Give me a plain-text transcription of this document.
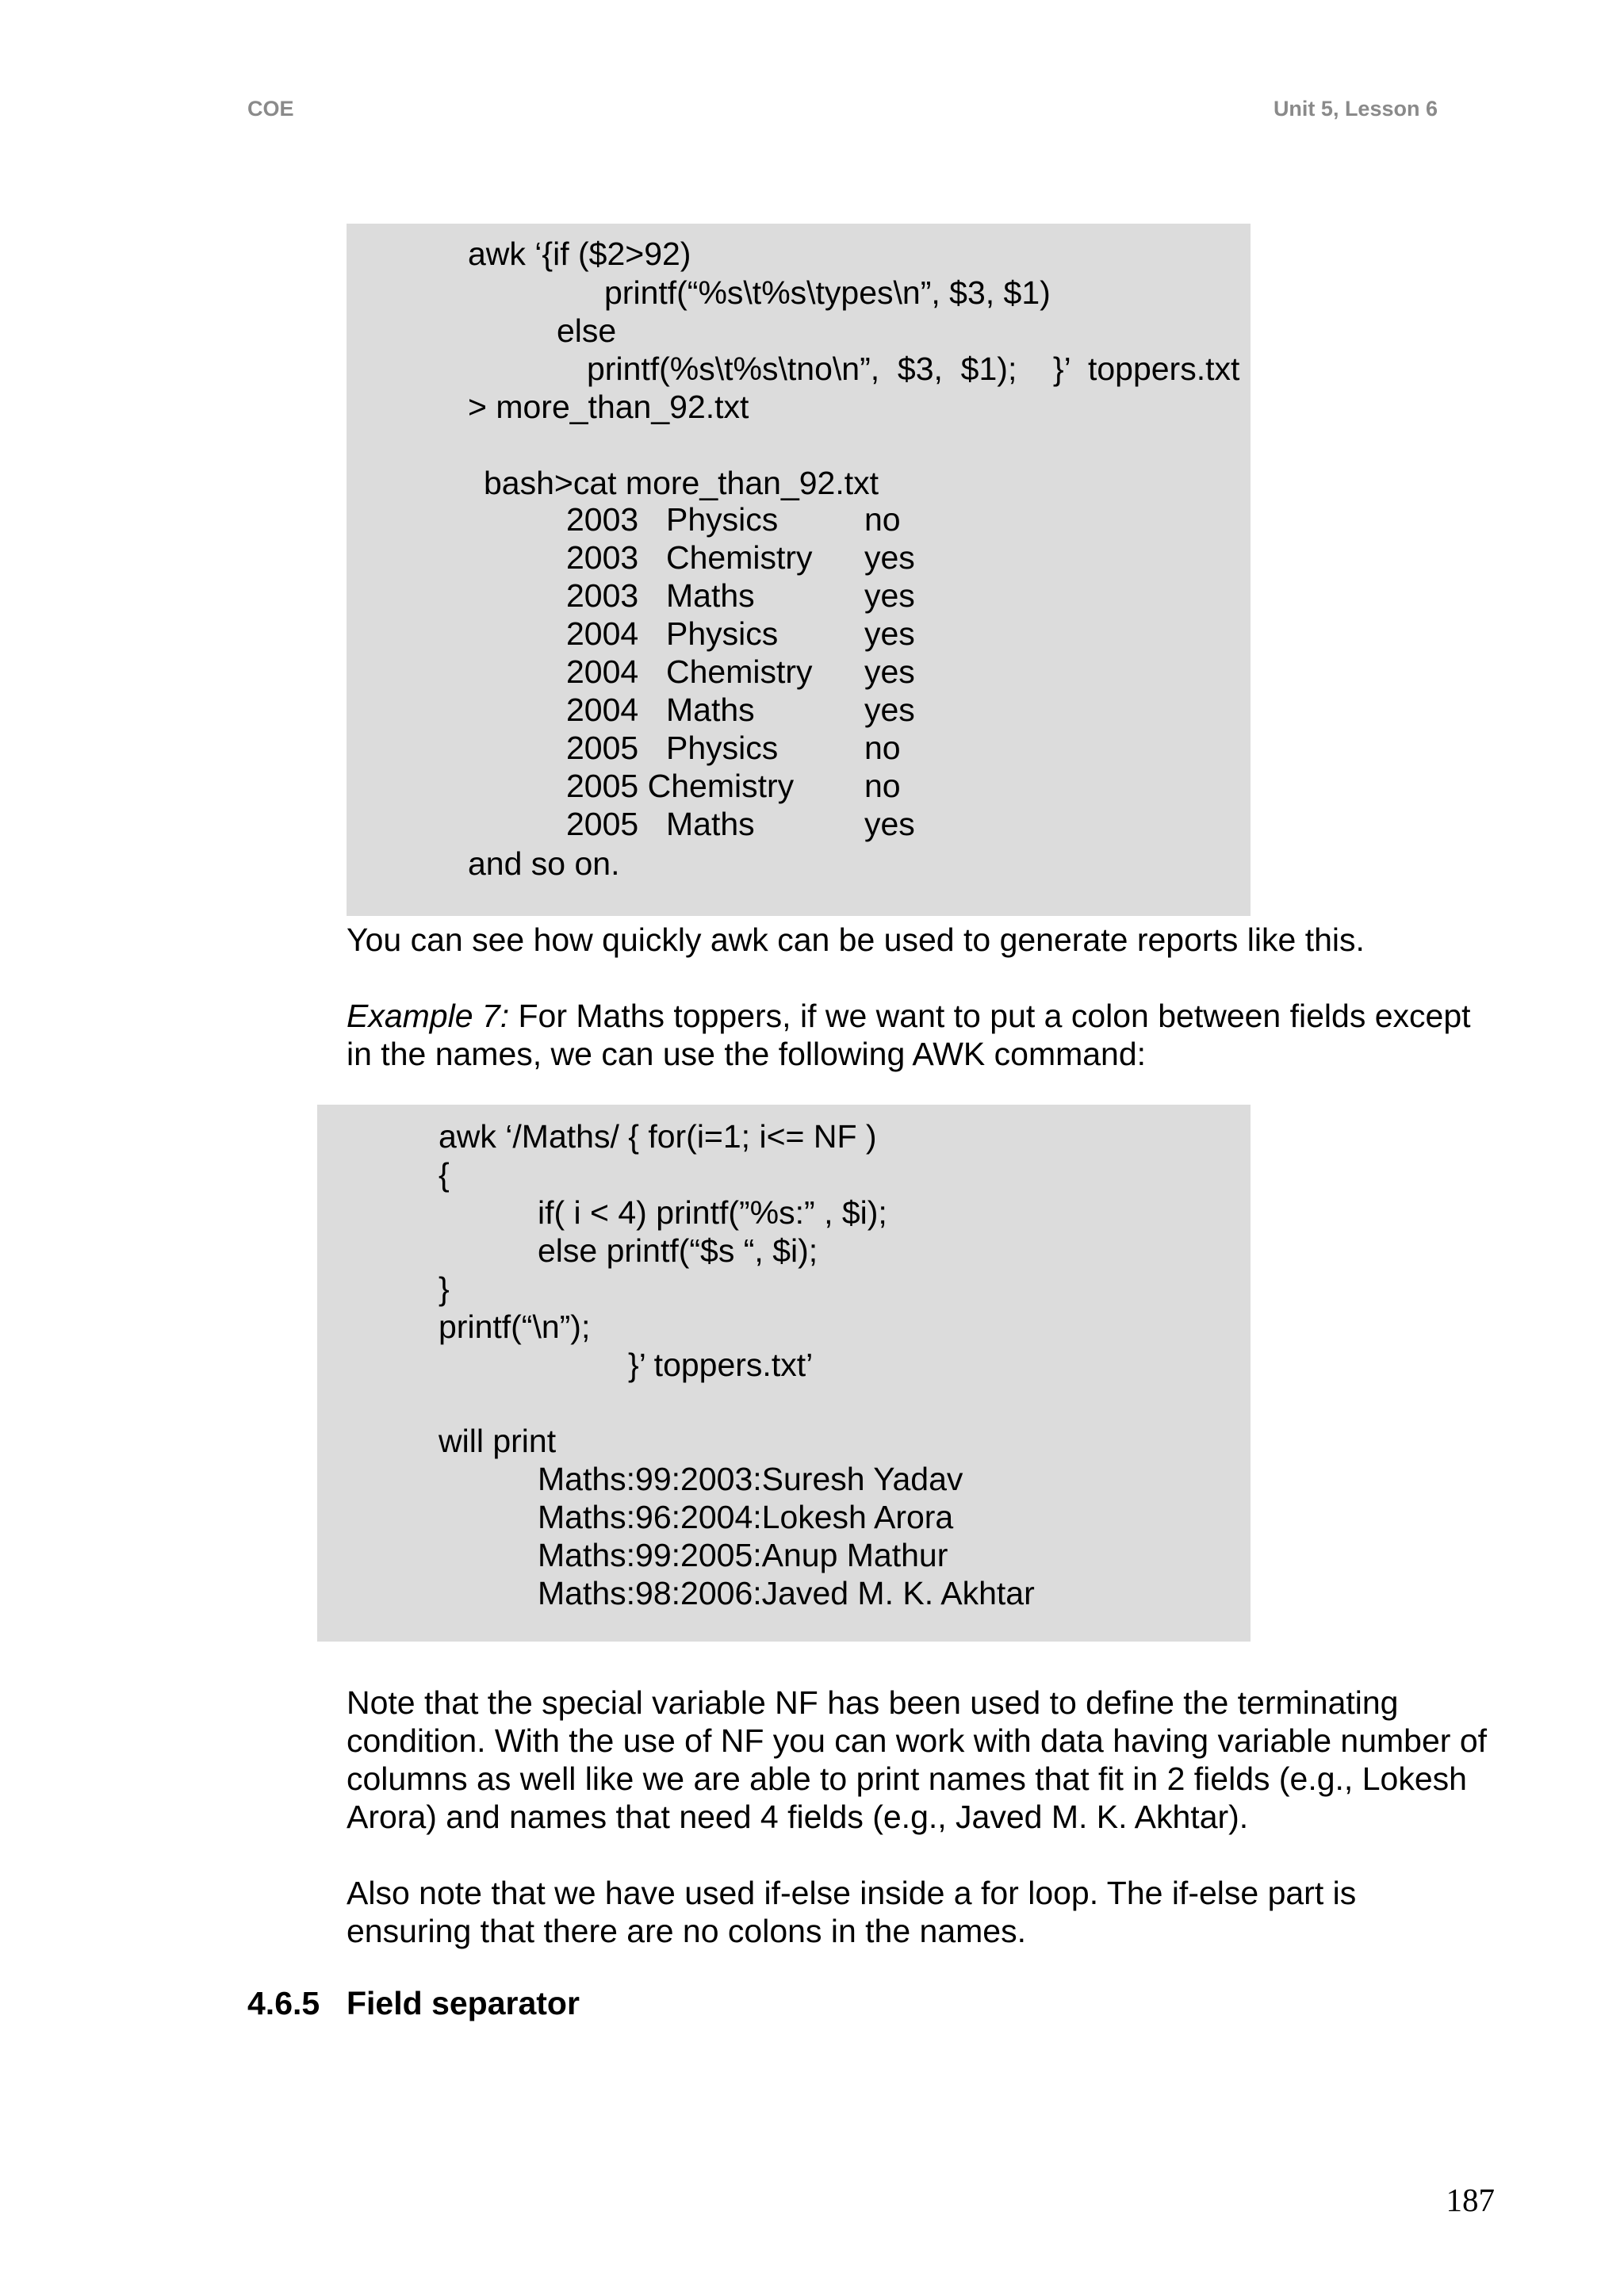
COE	Unit 5, Lesson 6
awk ‘{if ($2>92)
printf(“%s\t%s\types\n”, $3, $1)
else
printf(%s\t%s\tno\n”,  $3,  $1);    }’  toppers.txt
> more_than_92.txt
bash>cat more_than_92.txt
2003	Physics	no
2003	Chemistry	yes
2003	Maths	yes
2004	Physics	yes
2004	Chemistry	yes
2004	Maths	yes
2005	Physics	no
2005 Chemistry		no
2005	Maths	yes
and so on.

You can see how quickly awk can be used to generate reports like this.

Example 7: For Maths toppers, if we want to put a colon between fields except in the names, we can use the following AWK command:

awk ‘/Maths/ { for(i=1; i<= NF )
{
if( i < 4) printf(”%s:” , $i);
else printf(“$s “, $i);
}
printf(“\n”);
}’ toppers.txt’
will print
Maths:99:2003:Suresh Yadav
Maths:96:2004:Lokesh Arora
Maths:99:2005:Anup Mathur
Maths:98:2006:Javed M. K. Akhtar

Note that the special variable NF has been used to define the terminating condition. With the use of NF you can work with data having variable number of columns as well like we are able to print names that fit in 2 fields (e.g., Lokesh Arora) and names that need 4 fields (e.g., Javed M. K. Akhtar).

Also note that we have used if-else inside a for loop. The if-else part is ensuring that there are no colons in the names.

4.6.5 Field separator
187
